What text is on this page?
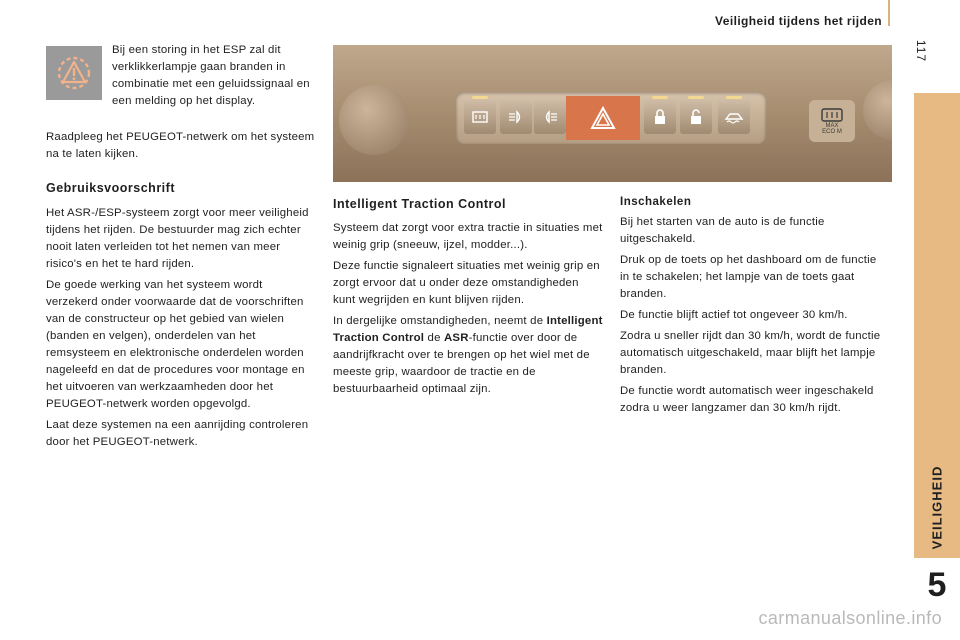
Veiligheid tijdens het rijden
117
VEILIGHEID
5

Bij een storing in het ESP zal dit verklikkerlampje gaan branden in combinatie met een geluidssignaal en een melding op het display.

Raadpleeg het PEUGEOT-netwerk om het systeem na te laten kijken.

Gebruiksvoorschrift

Het ASR-/ESP-systeem zorgt voor meer veiligheid tijdens het rijden. De bestuurder mag zich echter nooit laten verleiden tot het nemen van meer risico's en het te hard rijden.

De goede werking van het systeem wordt verzekerd onder voorwaarde dat de voorschriften van de constructeur op het gebied van wielen (banden en velgen), onderdelen van het remsysteem en elektronische onderdelen worden nageleefd en dat de procedures voor montage en het uitvoeren van werkzaamheden door het PEUGEOT-netwerk worden opgevolgd.

Laat deze systemen na een aanrijding controleren door het PEUGEOT-netwerk.

MAX
ECO M
Intelligent Traction Control

Systeem dat zorgt voor extra tractie in situaties met weinig grip (sneeuw, ijzel, modder...).

Deze functie signaleert situaties met weinig grip en zorgt ervoor dat u onder deze omstandigheden kunt wegrijden en kunt blijven rijden.

In dergelijke omstandigheden, neemt de Intelligent Traction Control de ASR-functie over door de aandrijfkracht over te brengen op het wiel met de meeste grip, waardoor de tractie en de bestuurbaarheid optimaal zijn.

Inschakelen

Bij het starten van de auto is de functie uitgeschakeld.

Druk op de toets op het dashboard om de functie in te schakelen; het lampje van de toets gaat branden.

De functie blijft actief tot ongeveer 30 km/h.

Zodra u sneller rijdt dan 30 km/h, wordt de functie automatisch uitgeschakeld, maar blijft het lampje branden.

De functie wordt automatisch weer ingeschakeld zodra u weer langzamer dan 30 km/h rijdt.

carmanualsonline.info
